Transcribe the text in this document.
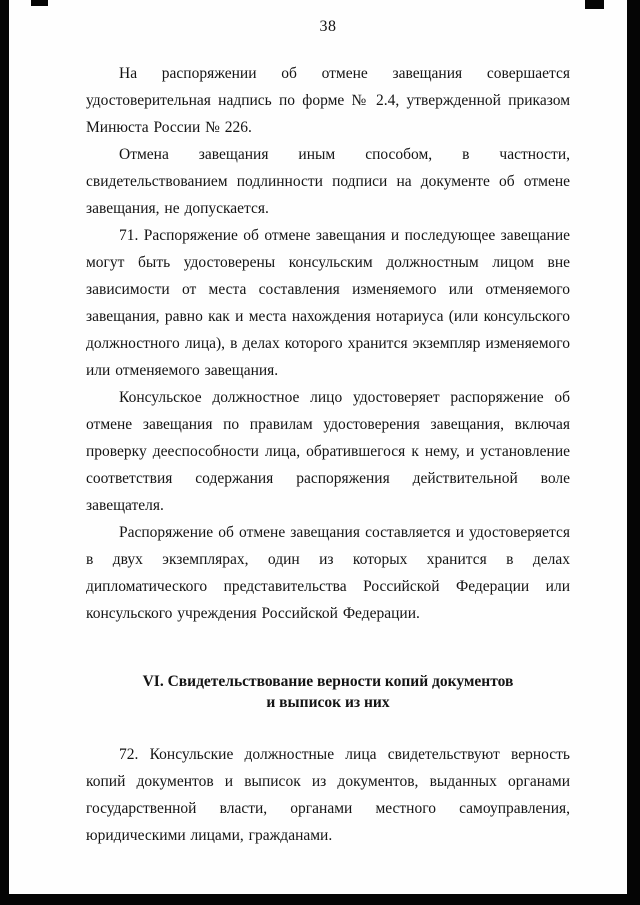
38

На распоряжении об отмене завещания совершается удостоверительная надпись по форме № 2.4, утвержденной приказом Минюста России № 226.

Отмена завещания иным способом, в частности, свидетельствованием подлинности подписи на документе об отмене завещания, не допускается.

71. Распоряжение об отмене завещания и последующее завещание могут быть удостоверены консульским должностным лицом вне зависимости от места составления изменяемого или отменяемого завещания, равно как и места нахождения нотариуса (или консульского должностного лица), в делах которого хранится экземпляр изменяемого или отменяемого завещания.

Консульское должностное лицо удостоверяет распоряжение об отмене завещания по правилам удостоверения завещания, включая проверку дееспособности лица, обратившегося к нему, и установление соответствия содержания распоряжения действительной воле завещателя.

Распоряжение об отмене завещания составляется и удостоверяется в двух экземплярах, один из которых хранится в делах дипломатического представительства Российской Федерации или консульского учреждения Российской Федерации.

VI. Свидетельствование верности копий документов
и выписок из них

72. Консульские должностные лица свидетельствуют верность копий документов и выписок из документов, выданных органами государственной власти, органами местного самоуправления, юридическими лицами, гражданами.
